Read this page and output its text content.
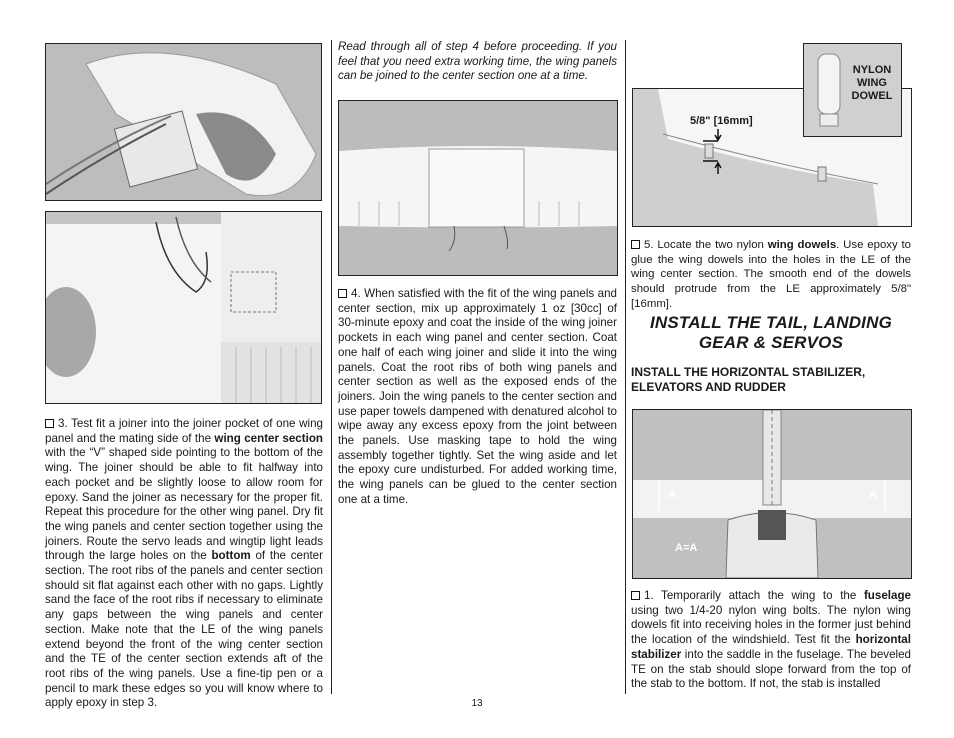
3. Test fit a joiner into the joiner pocket of one wing panel and the mating side of the wing center section with the “V” shaped side pointing to the bottom of the wing. The joiner should be able to fit halfway into each pocket and be slightly loose to allow room for epoxy. Sand the joiner as necessary for the proper fit. Repeat this procedure for the other wing panel. Dry fit the wing panels and center section together using the joiners. Route the servo leads and wingtip light leads through the large holes on the bottom of the center section. The root ribs of the panels and center section should sit flat against each other with no gaps. Lightly sand the face of the root ribs if necessary to eliminate any gaps between the wing panels and center section. Make note that the LE of the wing panels extend beyond the front of the wing center section and the TE of the center section extends aft of the root ribs of the wing panels. Use a fine-tip pen or a pencil to mark these edges so you will know where to apply epoxy in step 3.
Read through all of step 4 before proceeding. If you feel that you need extra working time, the wing panels can be joined to the center section one at a time.
4. When satisfied with the fit of the wing panels and center section, mix up approximately 1 oz [30cc] of 30-minute epoxy and coat the inside of the wing joiner pockets in each wing panel and center section. Coat one half of each wing joiner and slide it into the wing panels. Coat the root ribs of both wing panels and center section as well as the exposed ends of the joiners. Join the wing panels to the center section and use paper towels dampened with denatured alcohol to wipe away any excess epoxy from the joint between the panels. Use masking tape to hold the wing assembly together tightly. Set the wing aside and let the epoxy cure undisturbed. For added working time, the wing panels can be glued to the center section one at a time.
5/8" [16mm]
NYLON
WING
DOWEL
5. Locate the two nylon wing dowels. Use epoxy to glue the wing dowels into the holes in the LE of the wing center section. The smooth end of the dowels should protrude from the LE approximately 5/8" [16mm].
INSTALL THE TAIL, LANDING
GEAR & SERVOS
INSTALL THE HORIZONTAL STABILIZER,
ELEVATORS AND RUDDER
A	A
A=A
1. Temporarily attach the wing to the fuselage using two 1/4-20 nylon wing bolts. The nylon wing dowels fit into receiving holes in the former just behind the location of the windshield. Test fit the horizontal stabilizer into the saddle in the fuselage. The beveled TE on the stab should slope forward from the top of the stab to the bottom. If not, the stab is installed
13
